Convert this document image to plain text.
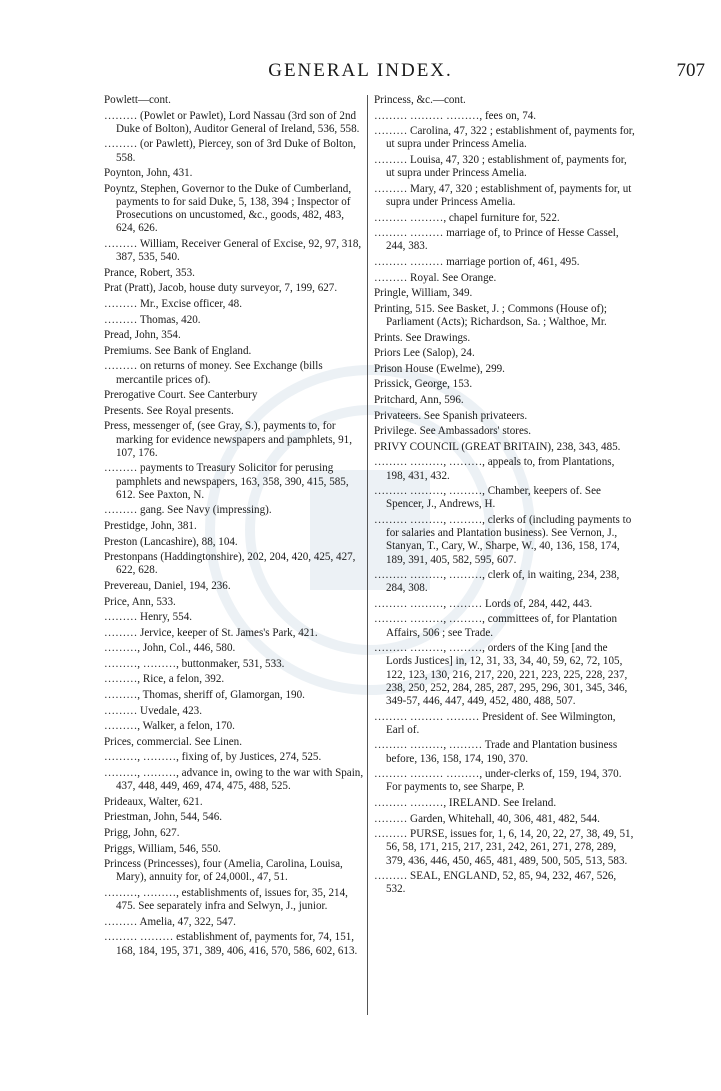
GENERAL INDEX.	707
Powlett—cont.
……… (Powlet or Pawlet), Lord Nassau (3rd son of 2nd Duke of Bolton), Auditor General of Ireland, 536, 558.
……… (or Pawlett), Piercey, son of 3rd Duke of Bolton, 558.
Poynton, John, 431.
Poyntz, Stephen, Governor to the Duke of Cumberland, payments to for said Duke, 5, 138, 394 ; Inspector of Prosecutions on uncustomed, &c., goods, 482, 483, 624, 626.
……… William, Receiver General of Excise, 92, 97, 318, 387, 535, 540.
Prance, Robert, 353.
Prat (Pratt), Jacob, house duty surveyor, 7, 199, 627.
……… Mr., Excise officer, 48.
……… Thomas, 420.
Pread, John, 354.
Premiums. See Bank of England.
……… on returns of money. See Exchange (bills mercantile prices of).
Prerogative Court. See Canterbury
Presents. See Royal presents.
Press, messenger of, (see Gray, S.), payments to, for marking for evidence newspapers and pamphlets, 91, 107, 176.
……… payments to Treasury Solicitor for perusing pamphlets and newspapers, 163, 358, 390, 415, 585, 612. See Paxton, N.
……… gang. See Navy (impressing).
Prestidge, John, 381.
Preston (Lancashire), 88, 104.
Prestonpans (Haddingtonshire), 202, 204, 420, 425, 427, 622, 628.
Prevereau, Daniel, 194, 236.
Price, Ann, 533.
……… Henry, 554.
……… Jervice, keeper of St. James's Park, 421.
………, John, Col., 446, 580.
………, ………, buttonmaker, 531, 533.
………, Rice, a felon, 392.
………, Thomas, sheriff of, Glamorgan, 190.
……… Uvedale, 423.
………, Walker, a felon, 170.
Prices, commercial. See Linen.
………, ………, fixing of, by Justices, 274, 525.
………, ………, advance in, owing to the war with Spain, 437, 448, 449, 469, 474, 475, 488, 525.
Prideaux, Walter, 621.
Priestman, John, 544, 546.
Prigg, John, 627.
Priggs, William, 546, 550.
Princess (Princesses), four (Amelia, Carolina, Louisa, Mary), annuity for, of 24,000l., 47, 51.
………, ………, establishments of, issues for, 35, 214, 475. See separately infra and Selwyn, J., junior.
……… Amelia, 47, 322, 547.
……… ……… establishment of, payments for, 74, 151, 168, 184, 195, 371, 389, 406, 416, 570, 586, 602, 613.
Princess, &c.—cont.
……… ……… ………, fees on, 74.
……… Carolina, 47, 322 ; establishment of, payments for, ut supra under Princess Amelia.
……… Louisa, 47, 320 ; establishment of, payments for, ut supra under Princess Amelia.
……… Mary, 47, 320 ; establishment of, payments for, ut supra under Princess Amelia.
……… ………, chapel furniture for, 522.
……… ……… marriage of, to Prince of Hesse Cassel, 244, 383.
……… ……… marriage portion of, 461, 495.
……… Royal. See Orange.
Pringle, William, 349.
Printing, 515. See Basket, J. ; Commons (House of); Parliament (Acts); Richardson, Sa. ; Walthoe, Mr.
Prints. See Drawings.
Priors Lee (Salop), 24.
Prison House (Ewelme), 299.
Prissick, George, 153.
Pritchard, Ann, 596.
Privateers. See Spanish privateers.
Privilege. See Ambassadors' stores.
PRIVY COUNCIL (GREAT BRITAIN), 238, 343, 485.
……… ………, ………, appeals to, from Plantations, 198, 431, 432.
……… ………, ………, Chamber, keepers of. See Spencer, J., Andrews, H.
……… ………, ………, clerks of (including payments to for salaries and Plantation business). See Vernon, J., Stanyan, T., Cary, W., Sharpe, W., 40, 136, 158, 174, 189, 391, 405, 582, 595, 607.
……… ………, ………, clerk of, in waiting, 234, 238, 284, 308.
……… ………, ……… Lords of, 284, 442, 443.
……… ………, ………, committees of, for Plantation Affairs, 506 ; see Trade.
……… ………, ………, orders of the King [and the Lords Justices] in, 12, 31, 33, 34, 40, 59, 62, 72, 105, 122, 123, 130, 216, 217, 220, 221, 223, 225, 228, 237, 238, 250, 252, 284, 285, 287, 295, 296, 301, 345, 346, 349-57, 446, 447, 449, 452, 480, 488, 507.
……… ……… ……… President of. See Wilmington, Earl of.
……… ………, ……… Trade and Plantation business before, 136, 158, 174, 190, 370.
……… ……… ………, under-clerks of, 159, 194, 370. For payments to, see Sharpe, P.
……… ………, IRELAND. See Ireland.
……… Garden, Whitehall, 40, 306, 481, 482, 544.
……… PURSE, issues for, 1, 6, 14, 20, 22, 27, 38, 49, 51, 56, 58, 171, 215, 217, 231, 242, 261, 271, 278, 289, 379, 436, 446, 450, 465, 481, 489, 500, 505, 513, 583.
……… SEAL, ENGLAND, 52, 85, 94, 232, 467, 526, 532.
